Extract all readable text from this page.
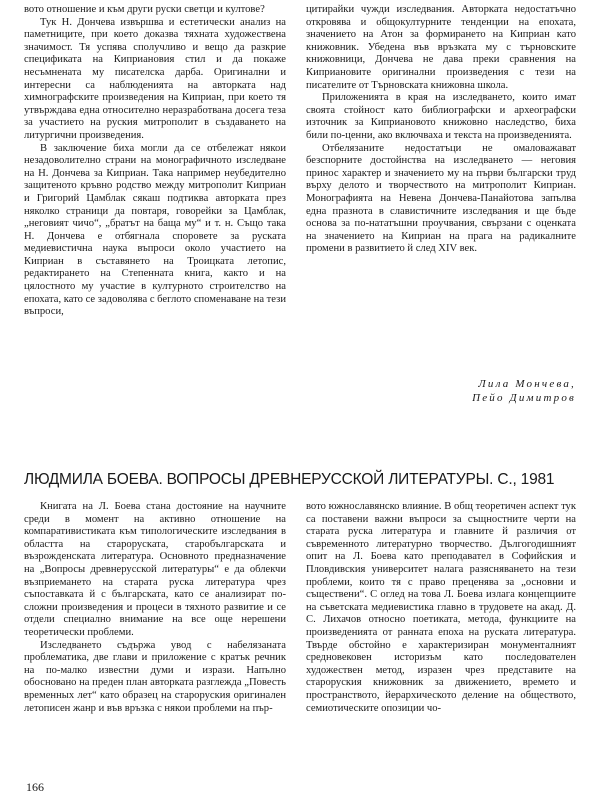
вото отношение и към други руски светци и култове?

Тук Н. Дончева извършва и естетически анализ на паметниците, при което доказва тяхната художествена значимост. Тя успява сполучливо и вещо да разкрие спецификата на Киприановия стил и да покаже несъмнената му писателска дарба. Оригинални и интересни са наблюденията на авторката над химнографските произведения на Киприан, при което тя утвърждава една относително неразработвана досега теза за участието на руския митрополит в създаването на литургични произведения.

В заключение биха могли да се отбележат някои незадоволително страни на монографичното изследване на Н. Дончева за Киприан. Така например неубедително защитеното кръвно родство между митрополит Киприан и Григорий Цамблак сякаш подтиква авторката през няколко страници да повтаря, говорейки за Цамблак, „неговият чичо“, „братът на баща му“ и т. н. Също така Н. Дончева е отбягнала споровете за руската медиевистична наука въпроси около участието на Киприан в съставянето на Троицката летопис, редактирането на Степенната книга, както и на цялостното му участие в културното строителство на епохата, като се задоволява с беглото споменаване на тези въпроси,

цитирайки чужди изследвания. Авторката недостатъчно откровява и общокултурните тенденции на епохата, значението на Атон за формирането на Киприан като книжовник. Убедена във връзката му с търновските книжовници, Дончева не дава преки сравнения на Киприановите оригинални произведения с тези на писателите от Търновската книжовна школа.

Приложенията в края на изследването, които имат своята стойност като библиографски и археографски източник за Киприановото книжовно наследство, биха били по-ценни, ако включваха и текста на произведенията.

Отбелязаните недостатъци не омаловажават безспорните достойнства на изследването — неговия принос характер и значението му на първи български труд върху делото и творчеството на митрополит Киприан. Монографията на Невена Дончева-Панайотова запълва една празнота в славистичните изследвания и ще бъде основа за по-нататъшни проучвания, свързани с оценката на значението на Киприан на прага на радикалните промени в развитието й след XIV век.

Лила Мончева,
Пейо Димитров
ЛЮДМИЛА БОЕВА. ВОПРОСЫ ДРЕВНЕРУССКОЙ ЛИТЕРАТУРЫ. С., 1981

Книгата на Л. Боева стана достояние на научните среди в момент на активно отношение на компаративистиката към типологическите изследвания в областта на староруската, старобългарската и възрожденската литература. Основното предназначение на „Вопросы древнерусской литературы“ е да облекчи възприемането на старата руска литература чрез съпоставката й с българската, като се анализират по-сложни произведения и процеси в тяхното развитие и се отдели специално внимание на все още нерешени теоретически проблеми.

Изследването съдържа увод с набелязаната проблематика, две глави и приложение с кратък речник на по-малко известни думи и изрази. Напълно обосновано на преден план авторката разглежда „Повесть временных лет“ като образец на староруския оригинален летописен жанр и във връзка с някои проблеми на пър-

вото южнославянско влияние. В общ теоретичен аспект тук са поставени важни въпроси за същностните черти на старата руска литература и главните й различия от съвременното литературно творчество. Дългогодишният опит на Л. Боева като преподавател в Софийския и Пловдивския университет налага разясняването на тези проблеми, които тя с право преценява за „основни и съществени“. С оглед на това Л. Боева излага концепциите на съветската медиевистика главно в трудовете на акад. Д. С. Лихачов относно поетиката, метода, функциите на произведенията от ранната епоха на руската литература. Твърде обстойно е характеризиран монументалният средновековен историзъм като последователен художествен метод, изразен чрез представите на староруския книжовник за движението, времето и пространството, йерархическото деление на обществото, семиотическите опозиции чо-

166
